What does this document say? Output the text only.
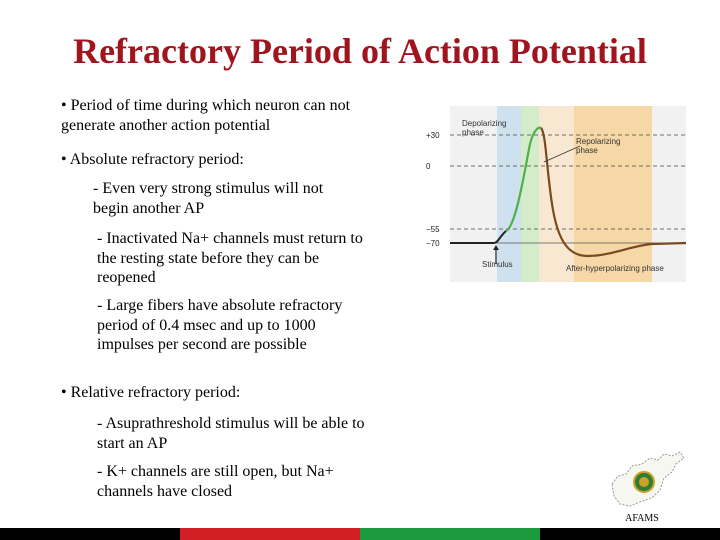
Refractory Period of Action Potential
• Period of time during which neuron can not generate another action potential
• Absolute refractory period:
- Even very strong stimulus will not begin another AP
- Inactivated Na+ channels must return to the resting state before they can be reopened
- Large fibers have absolute refractory period of 0.4 msec and up to 1000 impulses per second are possible
• Relative refractory period:
- Asuprathreshold stimulus will be able to start an AP
- K+ channels are still open, but Na+ channels have closed
+30
0
−55
−70
Depolarizing
phase
Repolarizing
phase
Stimulus	After-hyperpolarizing phase
AFAMS
